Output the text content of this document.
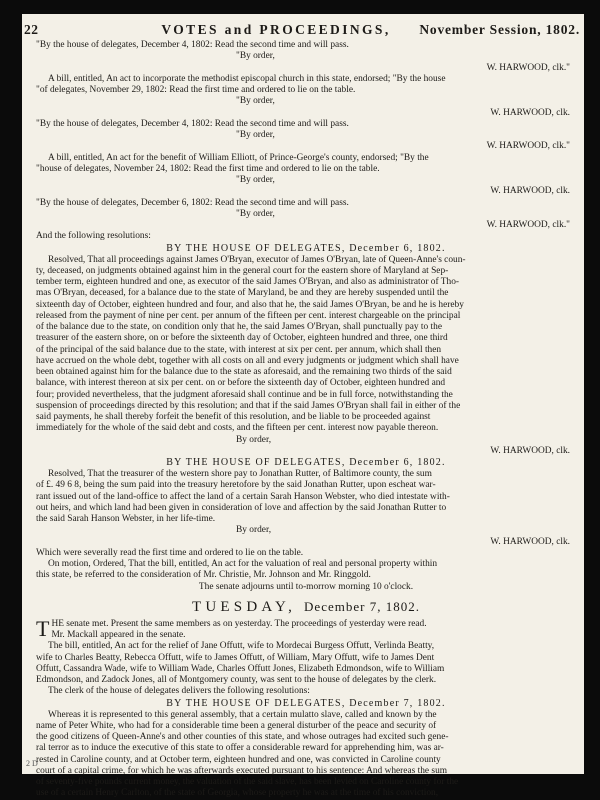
22	VOTES and PROCEEDINGS,	November Session, 1802.
"By the house of delegates, December 4, 1802: Read the second time and will pass.
"By order,
W. HARWOOD, clk."
A bill, entitled, An act to incorporate the methodist episcopal church in this state, endorsed; "By the house
"of delegates, November 29, 1802: Read the first time and ordered to lie on the table.
"By order,
W. HARWOOD, clk.
"By the house of delegates, December 4, 1802: Read the second time and will pass.
"By order,
W. HARWOOD, clk."
A bill, entitled, An act for the benefit of William Elliott, of Prince-George's county, endorsed; "By the
"house of delegates, November 24, 1802: Read the first time and ordered to lie on the table.
"By order,
W. HARWOOD, clk.
"By the house of delegates, December 6, 1802: Read the second time and will pass.
"By order,
W. HARWOOD, clk."
And the following resolutions:
BY THE HOUSE OF DELEGATES, December 6, 1802.
Resolved, That all proceedings against James O'Bryan, executor of James O'Bryan, late of Queen-Anne's coun-
ty, deceased, on judgments obtained against him in the general court for the eastern shore of Maryland at Sep-
tember term, eighteen hundred and one, as executor of the said James O'Bryan, and also as administrator of Tho-
mas O'Bryan, deceased, for a balance due to the state of Maryland, be and they are hereby suspended until the
sixteenth day of October, eighteen hundred and four, and also that he, the said James O'Bryan, be and he is hereby
released from the payment of nine per cent. per annum of the fifteen per cent. interest chargeable on the principal
of the balance due to the state, on condition only that he, the said James O'Bryan, shall punctually pay to the
treasurer of the eastern shore, on or before the sixteenth day of October, eighteen hundred and three, one third
of the principal of the said balance due to the state, with interest at six per cent. per annum, which shall then
have accrued on the whole debt, together with all costs on all and every judgments or judgment which shall have
been obtained against him for the balance due to the state as aforesaid, and the remaining two thirds of the said
balance, with interest thereon at six per cent. on or before the sixteenth day of October, eighteen hundred and
four; provided nevertheless, that the judgment aforesaid shall continue and be in full force, notwithstanding the
suspension of proceedings directed by this resolution; and that if the said James O'Bryan shall fail in either of the
said payments, he shall thereby forfeit the benefit of this resolution, and be liable to be proceeded against
immediately for the whole of the said debt and costs, and the fifteen per cent. interest now payable thereon.
By order,
W. HARWOOD, clk.
BY THE HOUSE OF DELEGATES, December 6, 1802.
Resolved, That the treasurer of the western shore pay to Jonathan Rutter, of Baltimore county, the sum
of £. 49 6 8, being the sum paid into the treasury heretofore by the said Jonathan Rutter, upon escheat war-
rant issued out of the land-office to affect the land of a certain Sarah Hanson Webster, who died intestate with-
out heirs, and which land had been given in consideration of love and affection by the said Jonathan Rutter to
the said Sarah Hanson Webster, in her life-time.
By order,
W. HARWOOD, clk.
Which were severally read the first time and ordered to lie on the table.
On motion, Ordered, That the bill, entitled, An act for the valuation of real and personal property within
this state, be referred to the consideration of Mr. Christie, Mr. Johnson and Mr. Ringgold.
The senate adjourns until to-morrow morning 10 o'clock.
TUESDAY, December 7, 1802.
THE senate met. Present the same members as on yesterday. The proceedings of yesterday were read.
Mr. Mackall appeared in the senate.
The bill, entitled, An act for the relief of Jane Offutt, wife to Mordecai Burgess Offutt, Verlinda Beatty,
wife to Charles Beatty, Rebecca Offutt, wife to James Offutt, of William, Mary Offutt, wife to James Dent
Offutt, Cassandra Wade, wife to William Wade, Charles Offutt Jones, Elizabeth Edmondson, wife to William
Edmondson, and Zadock Jones, all of Montgomery county, was sent to the house of delegates by the clerk.
The clerk of the house of delegates delivers the following resolutions:
BY THE HOUSE OF DELEGATES, December 7, 1802.
Whereas it is represented to this general assembly, that a certain mulatto slave, called and known by the
name of Peter White, who had for a considerable time been a general disturber of the peace and security of
the good citizens of Queen-Anne's and other counties of this state, and whose outrages had excited such gene-
ral terror as to induce the executive of this state to offer a considerable reward for apprehending him, was ar-
rested in Caroline county, and at October term, eighteen hundred and one, was convicted in Caroline county
court of a capital crime, for which he was afterwards executed pursuant to his sentence: And whereas the sum
of seventy-five pounds current money, the valuation of the said slave, has been levied on Caroline county for the
use of a certain Henry Carlton, of the state of Georgia, whose property he was at the time of his conviction,
2 D
